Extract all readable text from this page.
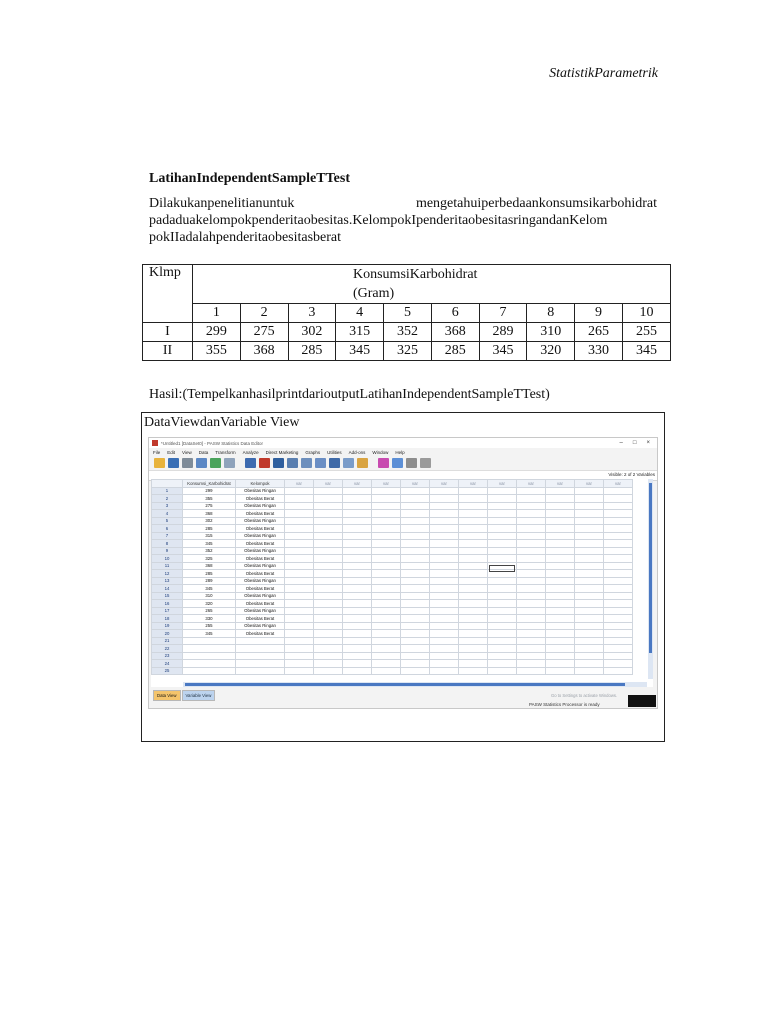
StatistikParametrik
LatihanIndependentSampleTTest
Dilakukanpenelitianuntuk	mengetahuiperbedaankonsumsikarbohidrat
padaduakelompokpenderitaobesitas.KelompokIpenderitaobesitasringandanKelom
pokIIadalahpenderitaobesitasberat
Klmp	KonsumsiKarbohidrat
(Gram)									
	1	2	3	4	5	6	7	8	9	10
I	299	275	302	315	352	368	289	310	265	255
II	355	368	285	345	325	285	345	320	330	345
Hasil:(TempelkanhasilprintdarioutputLatihanIndependentSampleTTest)
DataViewdanVariable View
*Untitled1 [DataSet0] - PASW Statistics Data Editor	– □ ×
File Edit View Data Transform Analyze Direct Marketing Graphs Utilities Add-ons Window Help
Visible: 2 of 2 Variables
	Konsumsi_Karbohidrat	Kelompok	var	var	var	var	var	var	var	var	var	var	var	var
1	299	Obesitas Ringan												
2	355	Obesitas Berat												
3	275	Obesitas Ringan												
4	368	Obesitas Berat												
5	302	Obesitas Ringan												
6	285	Obesitas Berat												
7	315	Obesitas Ringan												
8	345	Obesitas Berat												
9	352	Obesitas Ringan												
10	325	Obesitas Berat												
11	368	Obesitas Ringan												
12	285	Obesitas Berat												
13	289	Obesitas Ringan												
14	345	Obesitas Berat												
15	310	Obesitas Ringan												
16	320	Obesitas Berat												
17	265	Obesitas Ringan												
18	330	Obesitas Berat												
19	255	Obesitas Ringan												
20	345	Obesitas Berat												
21														
22														
23														
24														
25														
Data View	Variable View	Go to Settings to activate Windows.
PASW Statistics Processor is ready
